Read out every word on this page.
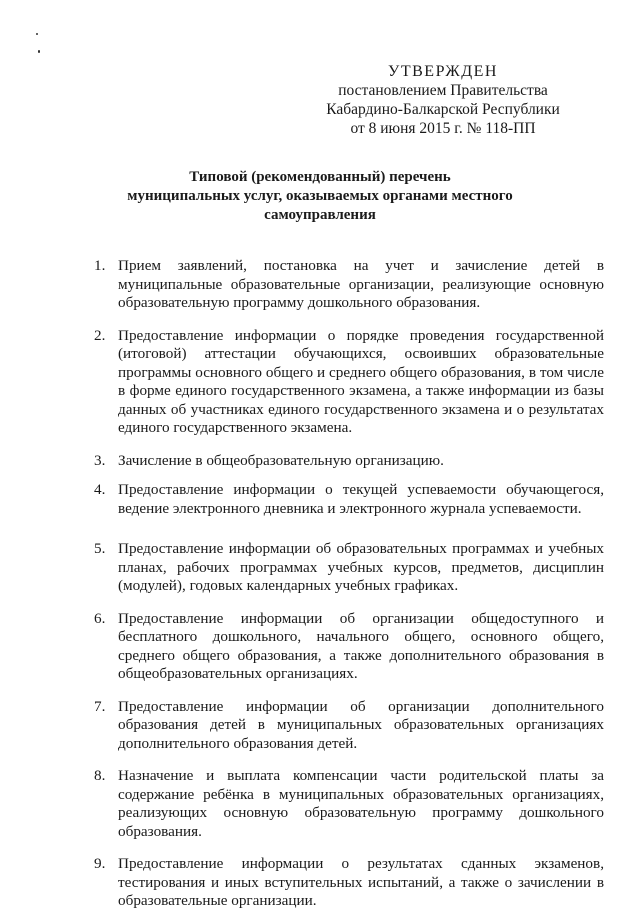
УТВЕРЖДЕН
постановлением Правительства
Кабардино-Балкарской Республики
от 8 июня 2015 г. № 118-ПП
Типовой (рекомендованный) перечень
муниципальных услуг, оказываемых органами местного
самоуправления
1. Прием заявлений, постановка на учет и зачисление детей в муниципальные образовательные организации, реализующие основную образовательную программу дошкольного образования.
2. Предоставление информации о порядке проведения государственной (итоговой) аттестации обучающихся, освоивших образовательные программы основного общего и среднего общего образования, в том числе в форме единого государственного экзамена, а также информации из базы данных об участниках единого государственного экзамена и о результатах единого государственного экзамена.
3. Зачисление в общеобразовательную организацию.
4. Предоставление информации о текущей успеваемости обучающегося, ведение электронного дневника и электронного журнала успеваемости.
5. Предоставление информации об образовательных программах и учебных планах, рабочих программах учебных курсов, предметов, дисциплин (модулей), годовых календарных учебных графиках.
6. Предоставление информации об организации общедоступного и бесплатного дошкольного, начального общего, основного общего, среднего общего образования, а также дополнительного образования в общеобразовательных организациях.
7. Предоставление информации об организации дополнительного образования детей в муниципальных образовательных организациях дополнительного образования детей.
8. Назначение и выплата компенсации части родительской платы за содержание ребёнка в муниципальных образовательных организациях, реализующих основную образовательную программу дошкольного образования.
9. Предоставление информации о результатах сданных экзаменов, тестирования и иных вступительных испытаний, а также о зачислении в образовательные организации.
